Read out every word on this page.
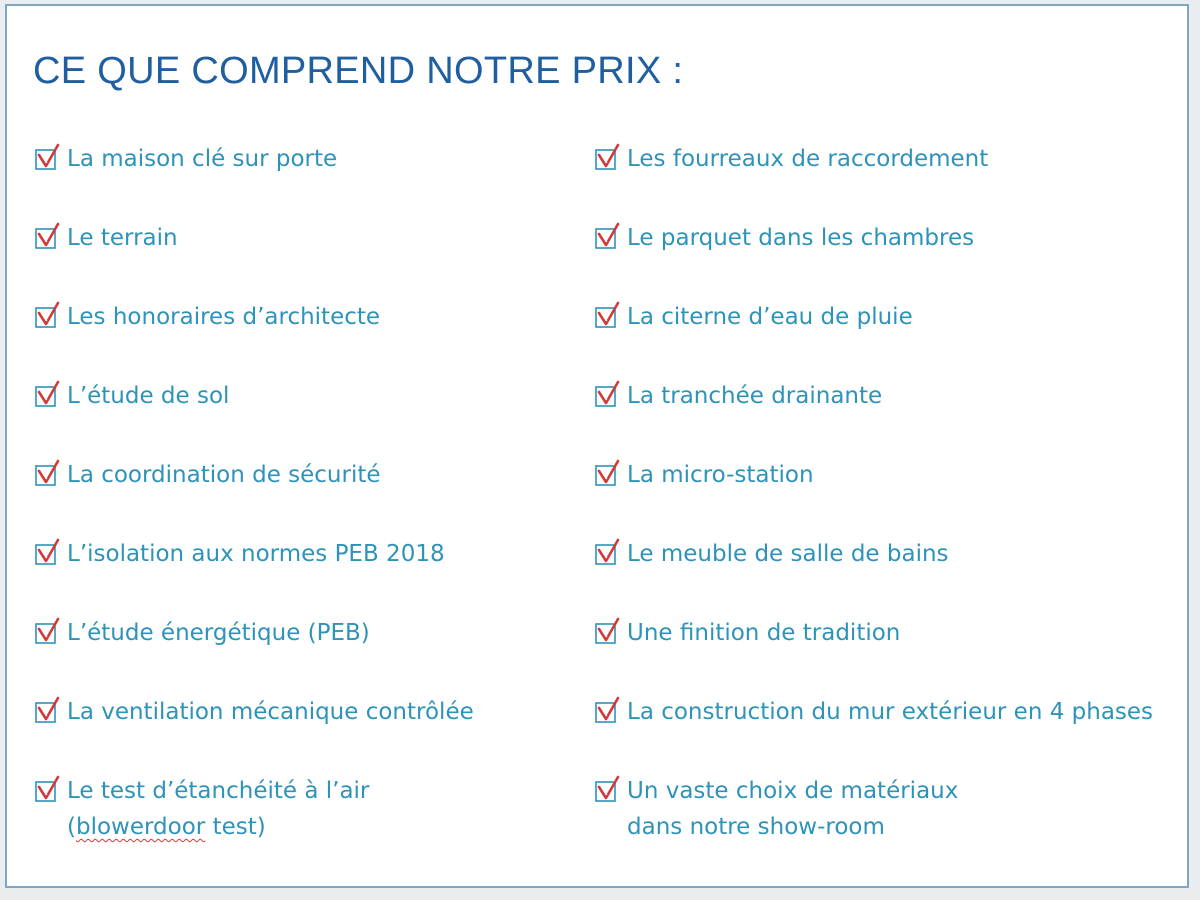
CE QUE COMPREND NOTRE PRIX :
La maison clé sur porte
Le terrain
Les honoraires d’architecte
L’étude de sol
La coordination de sécurité
L’isolation aux normes PEB 2018
L’étude énergétique (PEB)
La ventilation mécanique contrôlée
Le test d’étanchéité à l’air
(blowerdoor test)
Les fourreaux de raccordement
Le parquet dans les chambres
La citerne d’eau de pluie
La tranchée drainante
La micro-station
Le meuble de salle de bains
Une finition de tradition
La construction du mur extérieur en 4 phases
Un vaste choix de matériaux
dans notre show-room
